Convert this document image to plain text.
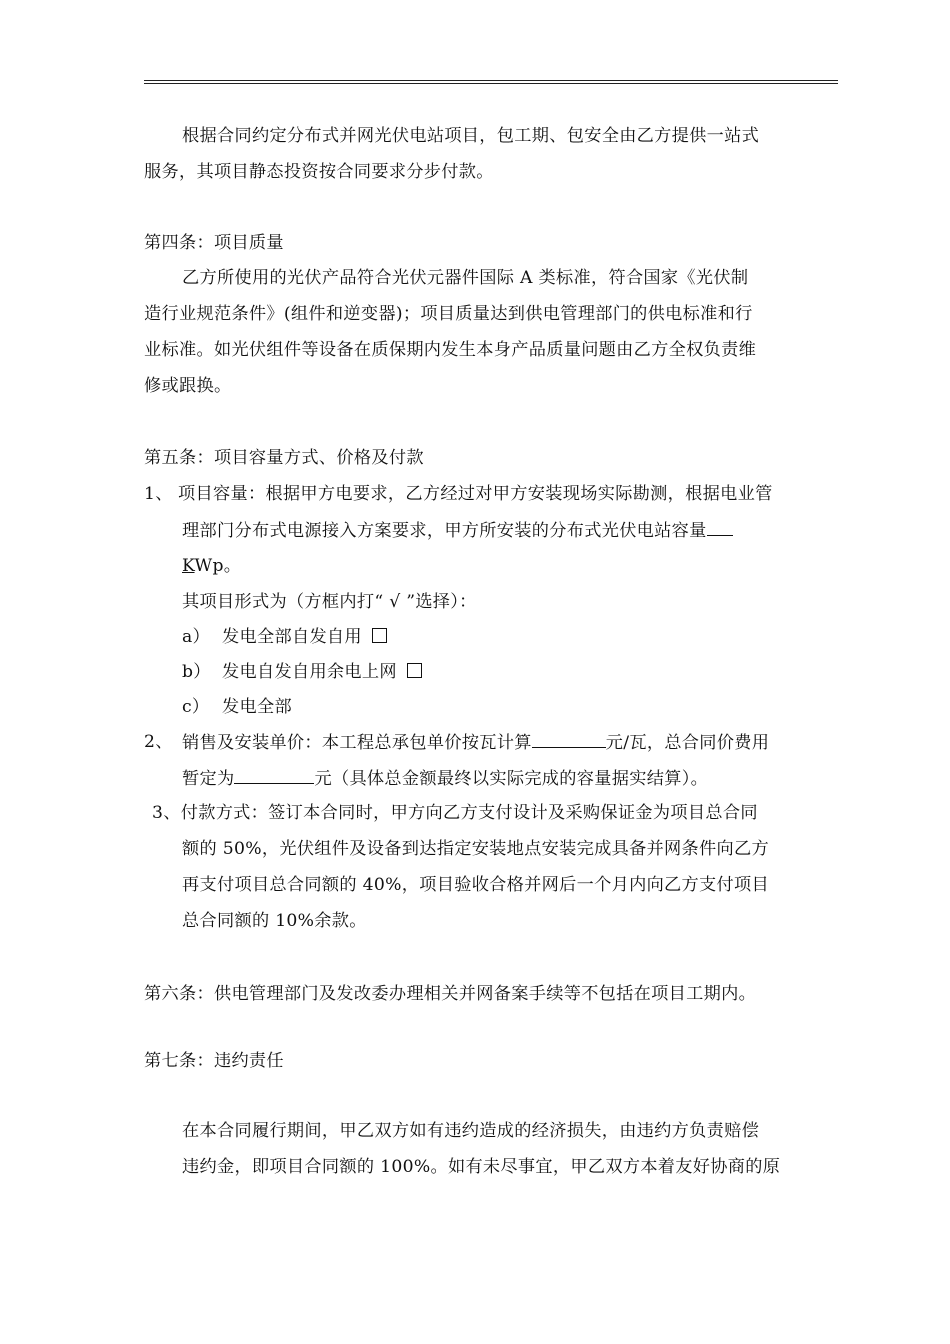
根据合同约定分布式并网光伏电站项目，包工期、包安全由乙方提供一站式
服务，其项目静态投资按合同要求分步付款。
第四条：项目质量
乙方所使用的光伏产品符合光伏元器件国际 A 类标准，符合国家《光伏制
造行业规范条件》(组件和逆变器)；项目质量达到供电管理部门的供电标准和行
业标准。如光伏组件等设备在质保期内发生本身产品质量问题由乙方全权负责维
修或跟换。
第五条：项目容量方式、价格及付款
1、 项目容量：根据甲方电要求，乙方经过对甲方安装现场实际勘测，根据电业管
理部门分布式电源接入方案要求，甲方所安装的分布式光伏电站容量
KWp。
其项目形式为（方框内打“ √ ”选择）：
a） 发电全部自发自用
b） 发电自发自用余电上网
c） 发电全部
2、 销售及安装单价：本工程总承包单价按瓦计算	元/瓦，总合同价费用
暂定为	元（具体总金额最终以实际完成的容量据实结算）。
3、付款方式：签订本合同时，甲方向乙方支付设计及采购保证金为项目总合同
额的 50%，光伏组件及设备到达指定安装地点安装完成具备并网条件向乙方
再支付项目总合同额的 40%，项目验收合格并网后一个月内向乙方支付项目
总合同额的 10%余款。
第六条：供电管理部门及发改委办理相关并网备案手续等不包括在项目工期内。
第七条：违约责任
在本合同履行期间，甲乙双方如有违约造成的经济损失，由违约方负责赔偿
违约金，即项目合同额的 100%。如有未尽事宜，甲乙双方本着友好协商的原
